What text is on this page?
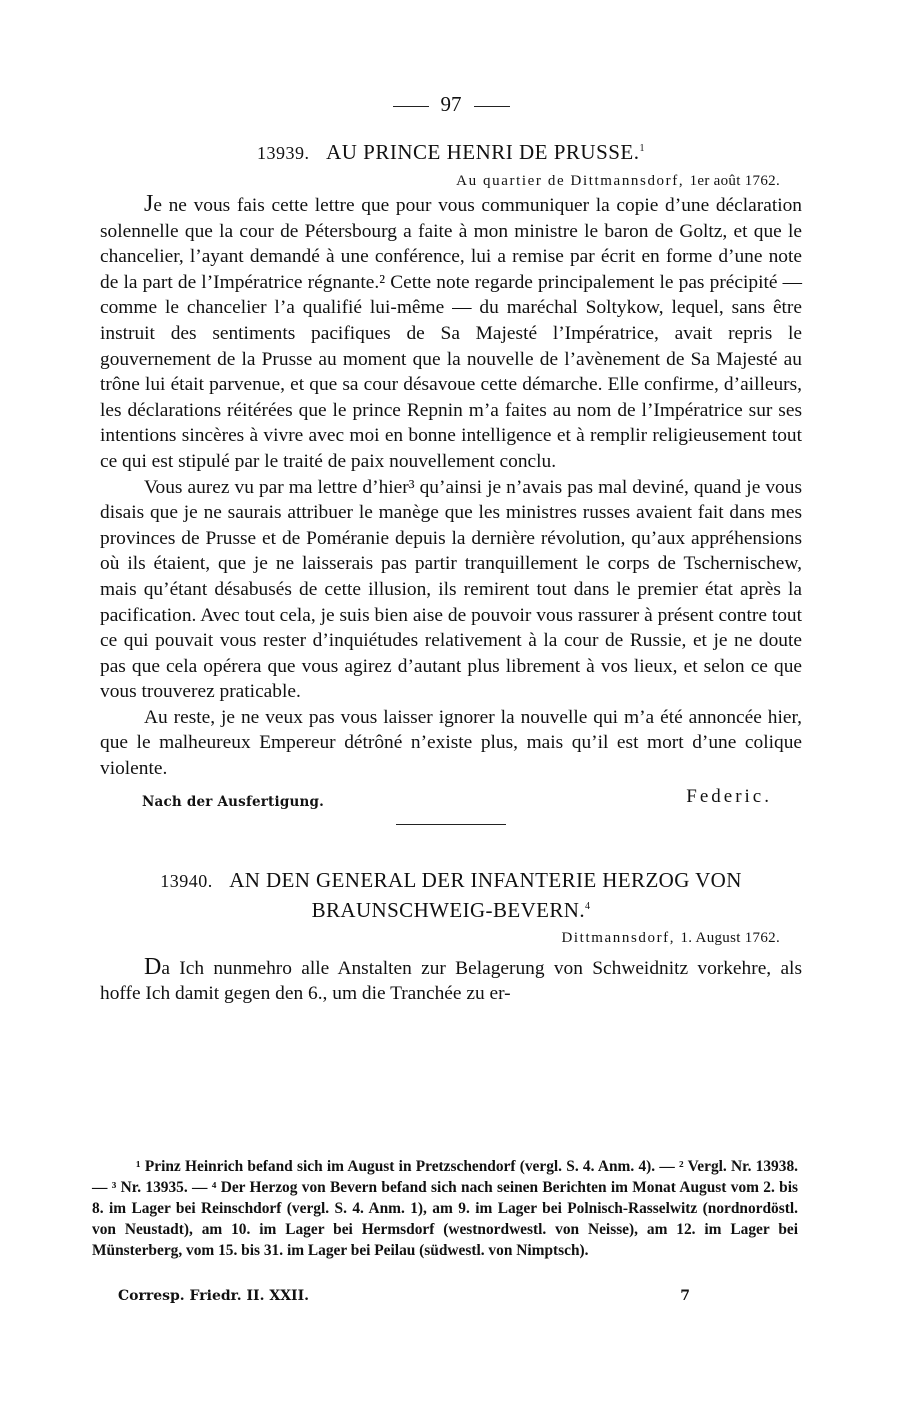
97
13939. AU PRINCE HENRI DE PRUSSE.$^1$
Au quartier de Dittmannsdorf, 1er août 1762.

Je ne vous fais cette lettre que pour vous communiquer la copie d’une déclaration solennelle que la cour de Pétersbourg a faite à mon ministre le baron de Goltz, et que le chancelier, l’ayant demandé à une conférence, lui a remise par écrit en forme d’une note de la part de l’Impératrice régnante.² Cette note regarde principalement le pas précipité — comme le chancelier l’a qualifié lui-même — du maréchal Soltykow, lequel, sans être instruit des sentiments pacifiques de Sa Majesté l’Impératrice, avait repris le gouvernement de la Prusse au moment que la nouvelle de l’avènement de Sa Majesté au trône lui était parvenue, et que sa cour désavoue cette démarche. Elle confirme, d’ailleurs, les déclarations réitérées que le prince Repnin m’a faites au nom de l’Impératrice sur ses intentions sincères à vivre avec moi en bonne intelligence et à remplir religieusement tout ce qui est stipulé par le traité de paix nouvellement conclu.

Vous aurez vu par ma lettre d’hier³ qu’ainsi je n’avais pas mal deviné, quand je vous disais que je ne saurais attribuer le manège que les ministres russes avaient fait dans mes provinces de Prusse et de Poméranie depuis la dernière révolution, qu’aux appréhensions où ils étaient, que je ne laisserais pas partir tranquillement le corps de Tschernischew, mais qu’étant désabusés de cette illusion, ils remirent tout dans le premier état après la pacification. Avec tout cela, je suis bien aise de pouvoir vous rassurer à présent contre tout ce qui pouvait vous rester d’inquiétudes relativement à la cour de Russie, et je ne doute pas que cela opérera que vous agirez d’autant plus librement à vos lieux, et selon ce que vous trouverez praticable.

Au reste, je ne veux pas vous laisser ignorer la nouvelle qui m’a été annoncée hier, que le malheureux Empereur détrôné n’existe plus, mais qu’il est mort d’une colique violente.

Nach der Ausfertigung.	Federic.
13940. AN DEN GENERAL DER INFANTERIE HERZOG VON
BRAUNSCHWEIG-BEVERN.$^4$
Dittmannsdorf, 1. August 1762.

Da Ich nunmehro alle Anstalten zur Belagerung von Schweidnitz vorkehre, als hoffe Ich damit gegen den 6., um die Tranchée zu er-

¹ Prinz Heinrich befand sich im August in Pretzschendorf (vergl. S. 4. Anm. 4). — ² Vergl. Nr. 13938. — ³ Nr. 13935. — ⁴ Der Herzog von Bevern befand sich nach seinen Berichten im Monat August vom 2. bis 8. im Lager bei Reinschdorf (vergl. S. 4. Anm. 1), am 9. im Lager bei Polnisch-Rasselwitz (nordnordöstl. von Neustadt), am 10. im Lager bei Hermsdorf (westnordwestl. von Neisse), am 12. im Lager bei Münsterberg, vom 15. bis 31. im Lager bei Peilau (südwestl. von Nimptsch).

Corresp. Friedr. II. XXII.	7
